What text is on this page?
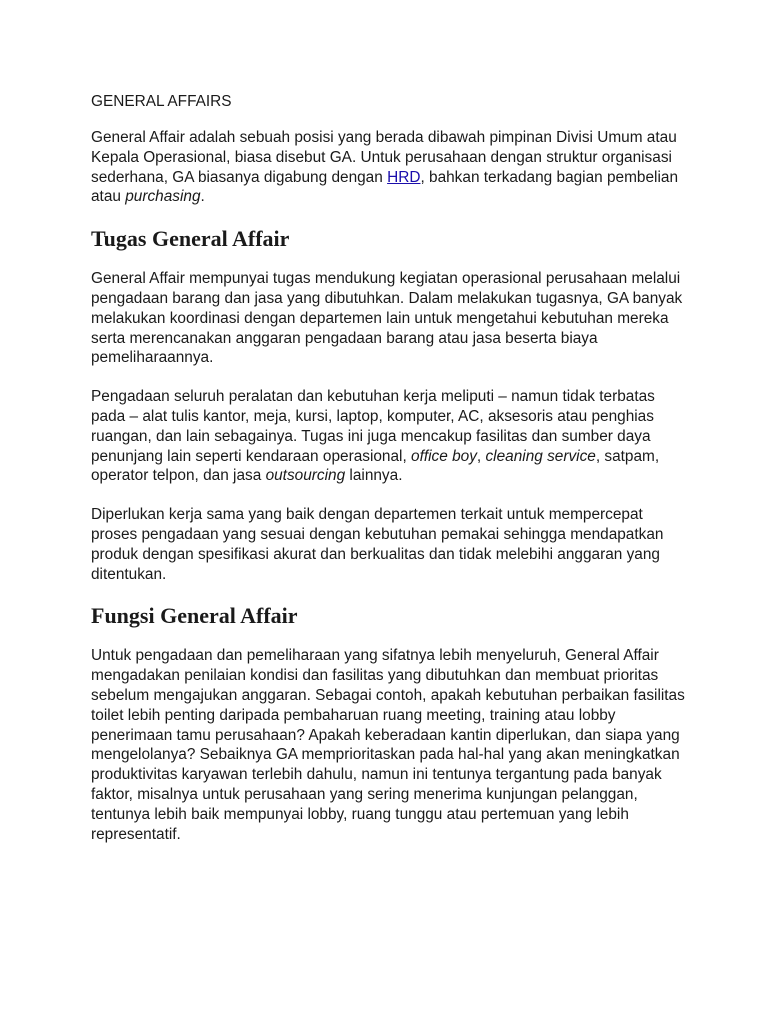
GENERAL AFFAIRS

General Affair adalah sebuah posisi yang berada dibawah pimpinan Divisi Umum atau Kepala Operasional, biasa disebut GA. Untuk perusahaan dengan struktur organisasi sederhana, GA biasanya digabung dengan HRD, bahkan terkadang bagian pembelian atau purchasing.

Tugas General Affair

General Affair mempunyai tugas mendukung kegiatan operasional perusahaan melalui pengadaan barang dan jasa yang dibutuhkan. Dalam melakukan tugasnya, GA banyak melakukan koordinasi dengan departemen lain untuk mengetahui kebutuhan mereka serta merencanakan anggaran pengadaan barang atau jasa beserta biaya pemeliharaannya.

Pengadaan seluruh peralatan dan kebutuhan kerja meliputi – namun tidak terbatas pada – alat tulis kantor, meja, kursi, laptop, komputer, AC, aksesoris atau penghias ruangan, dan lain sebagainya. Tugas ini juga mencakup fasilitas dan sumber daya penunjang lain seperti kendaraan operasional, office boy, cleaning service, satpam, operator telpon, dan jasa outsourcing lainnya.

Diperlukan kerja sama yang baik dengan departemen terkait untuk mempercepat proses pengadaan yang sesuai dengan kebutuhan pemakai sehingga mendapatkan produk dengan spesifikasi akurat dan berkualitas dan tidak melebihi anggaran yang ditentukan.

Fungsi General Affair

Untuk pengadaan dan pemeliharaan yang sifatnya lebih menyeluruh, General Affair mengadakan penilaian kondisi dan fasilitas yang dibutuhkan dan membuat prioritas sebelum mengajukan anggaran. Sebagai contoh, apakah kebutuhan perbaikan fasilitas toilet lebih penting daripada pembaharuan ruang meeting, training atau lobby penerimaan tamu perusahaan? Apakah keberadaan kantin diperlukan, dan siapa yang mengelolanya? Sebaiknya GA memprioritaskan pada hal-hal yang akan meningkatkan produktivitas karyawan terlebih dahulu, namun ini tentunya tergantung pada banyak faktor, misalnya untuk perusahaan yang sering menerima kunjungan pelanggan, tentunya lebih baik mempunyai lobby, ruang tunggu atau pertemuan yang lebih representatif.
